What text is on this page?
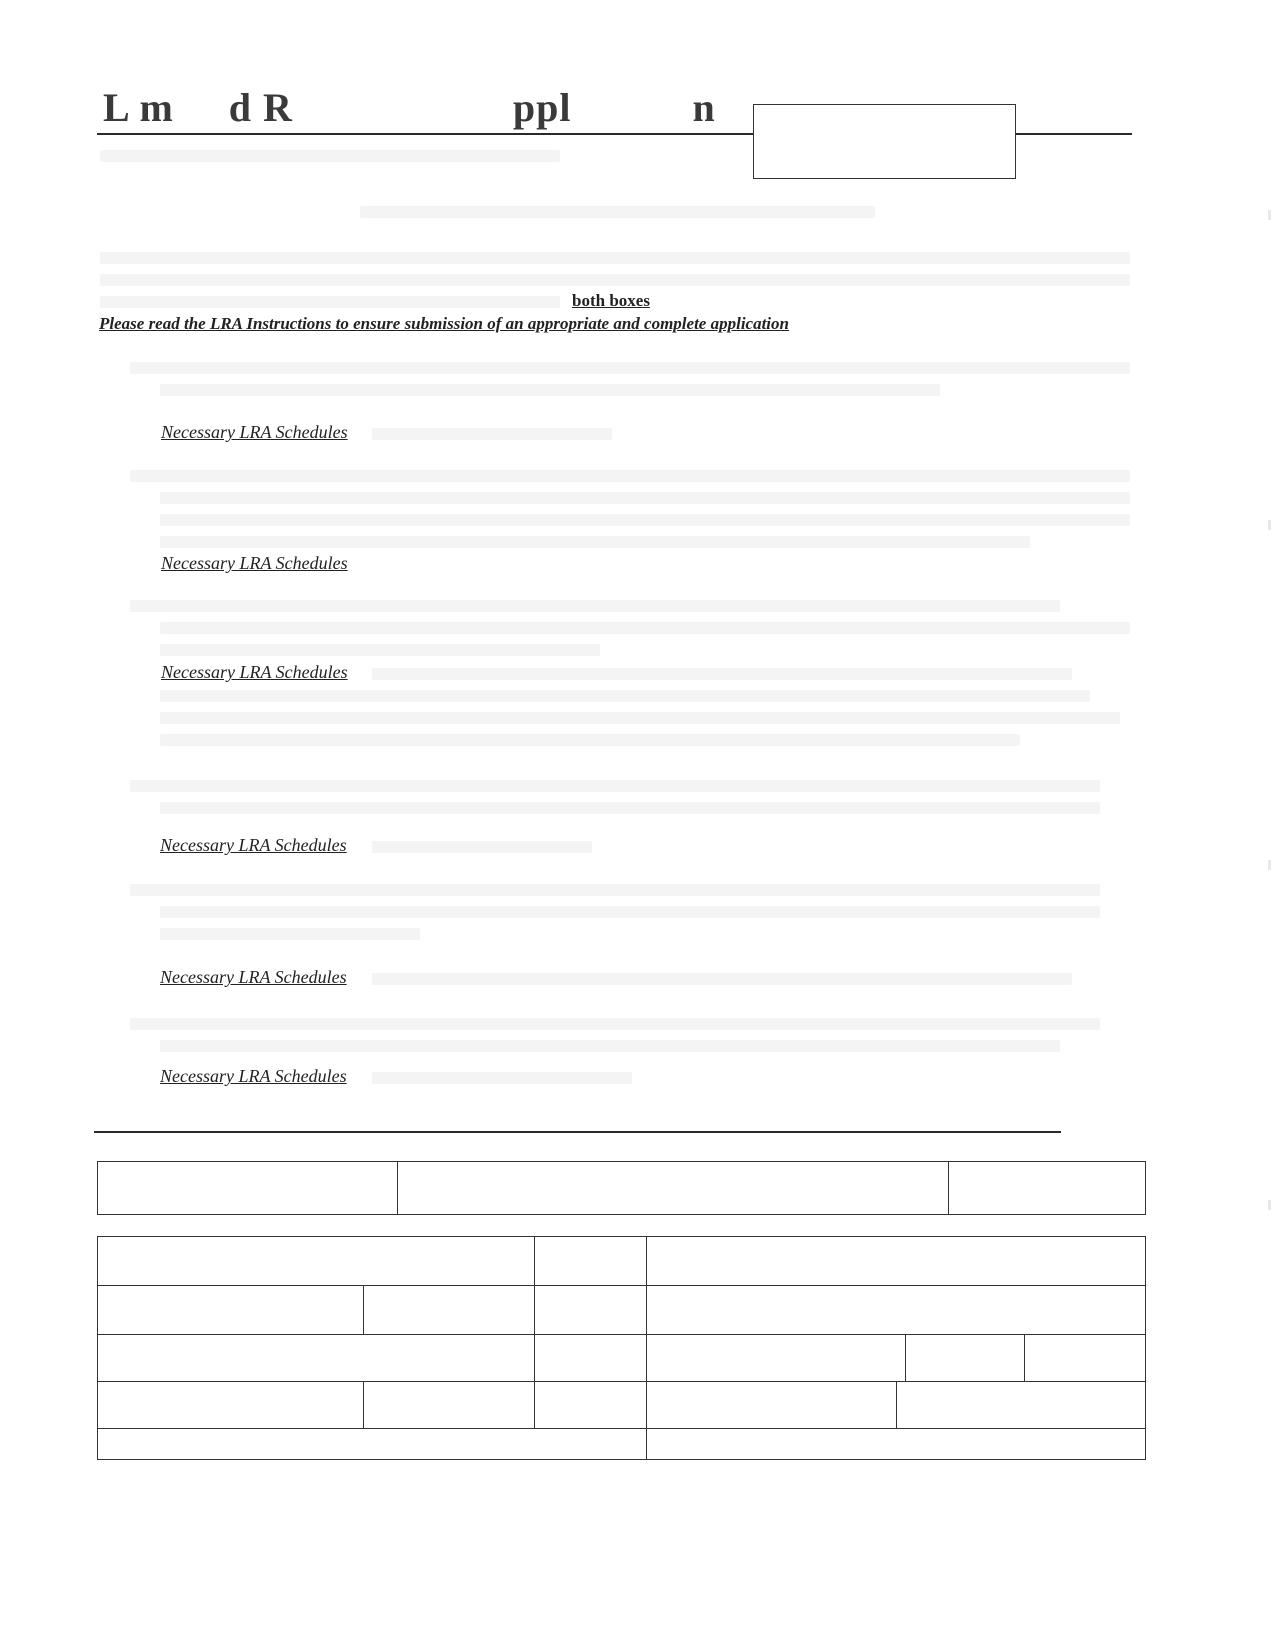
L m     d R                    ppl           n
both boxes
Please read the LRA Instructions to ensure submission of an appropriate and complete application
Necessary LRA Schedules
Necessary LRA Schedules
Necessary LRA Schedules
Necessary LRA Schedules
Necessary LRA Schedules
Necessary LRA Schedules
